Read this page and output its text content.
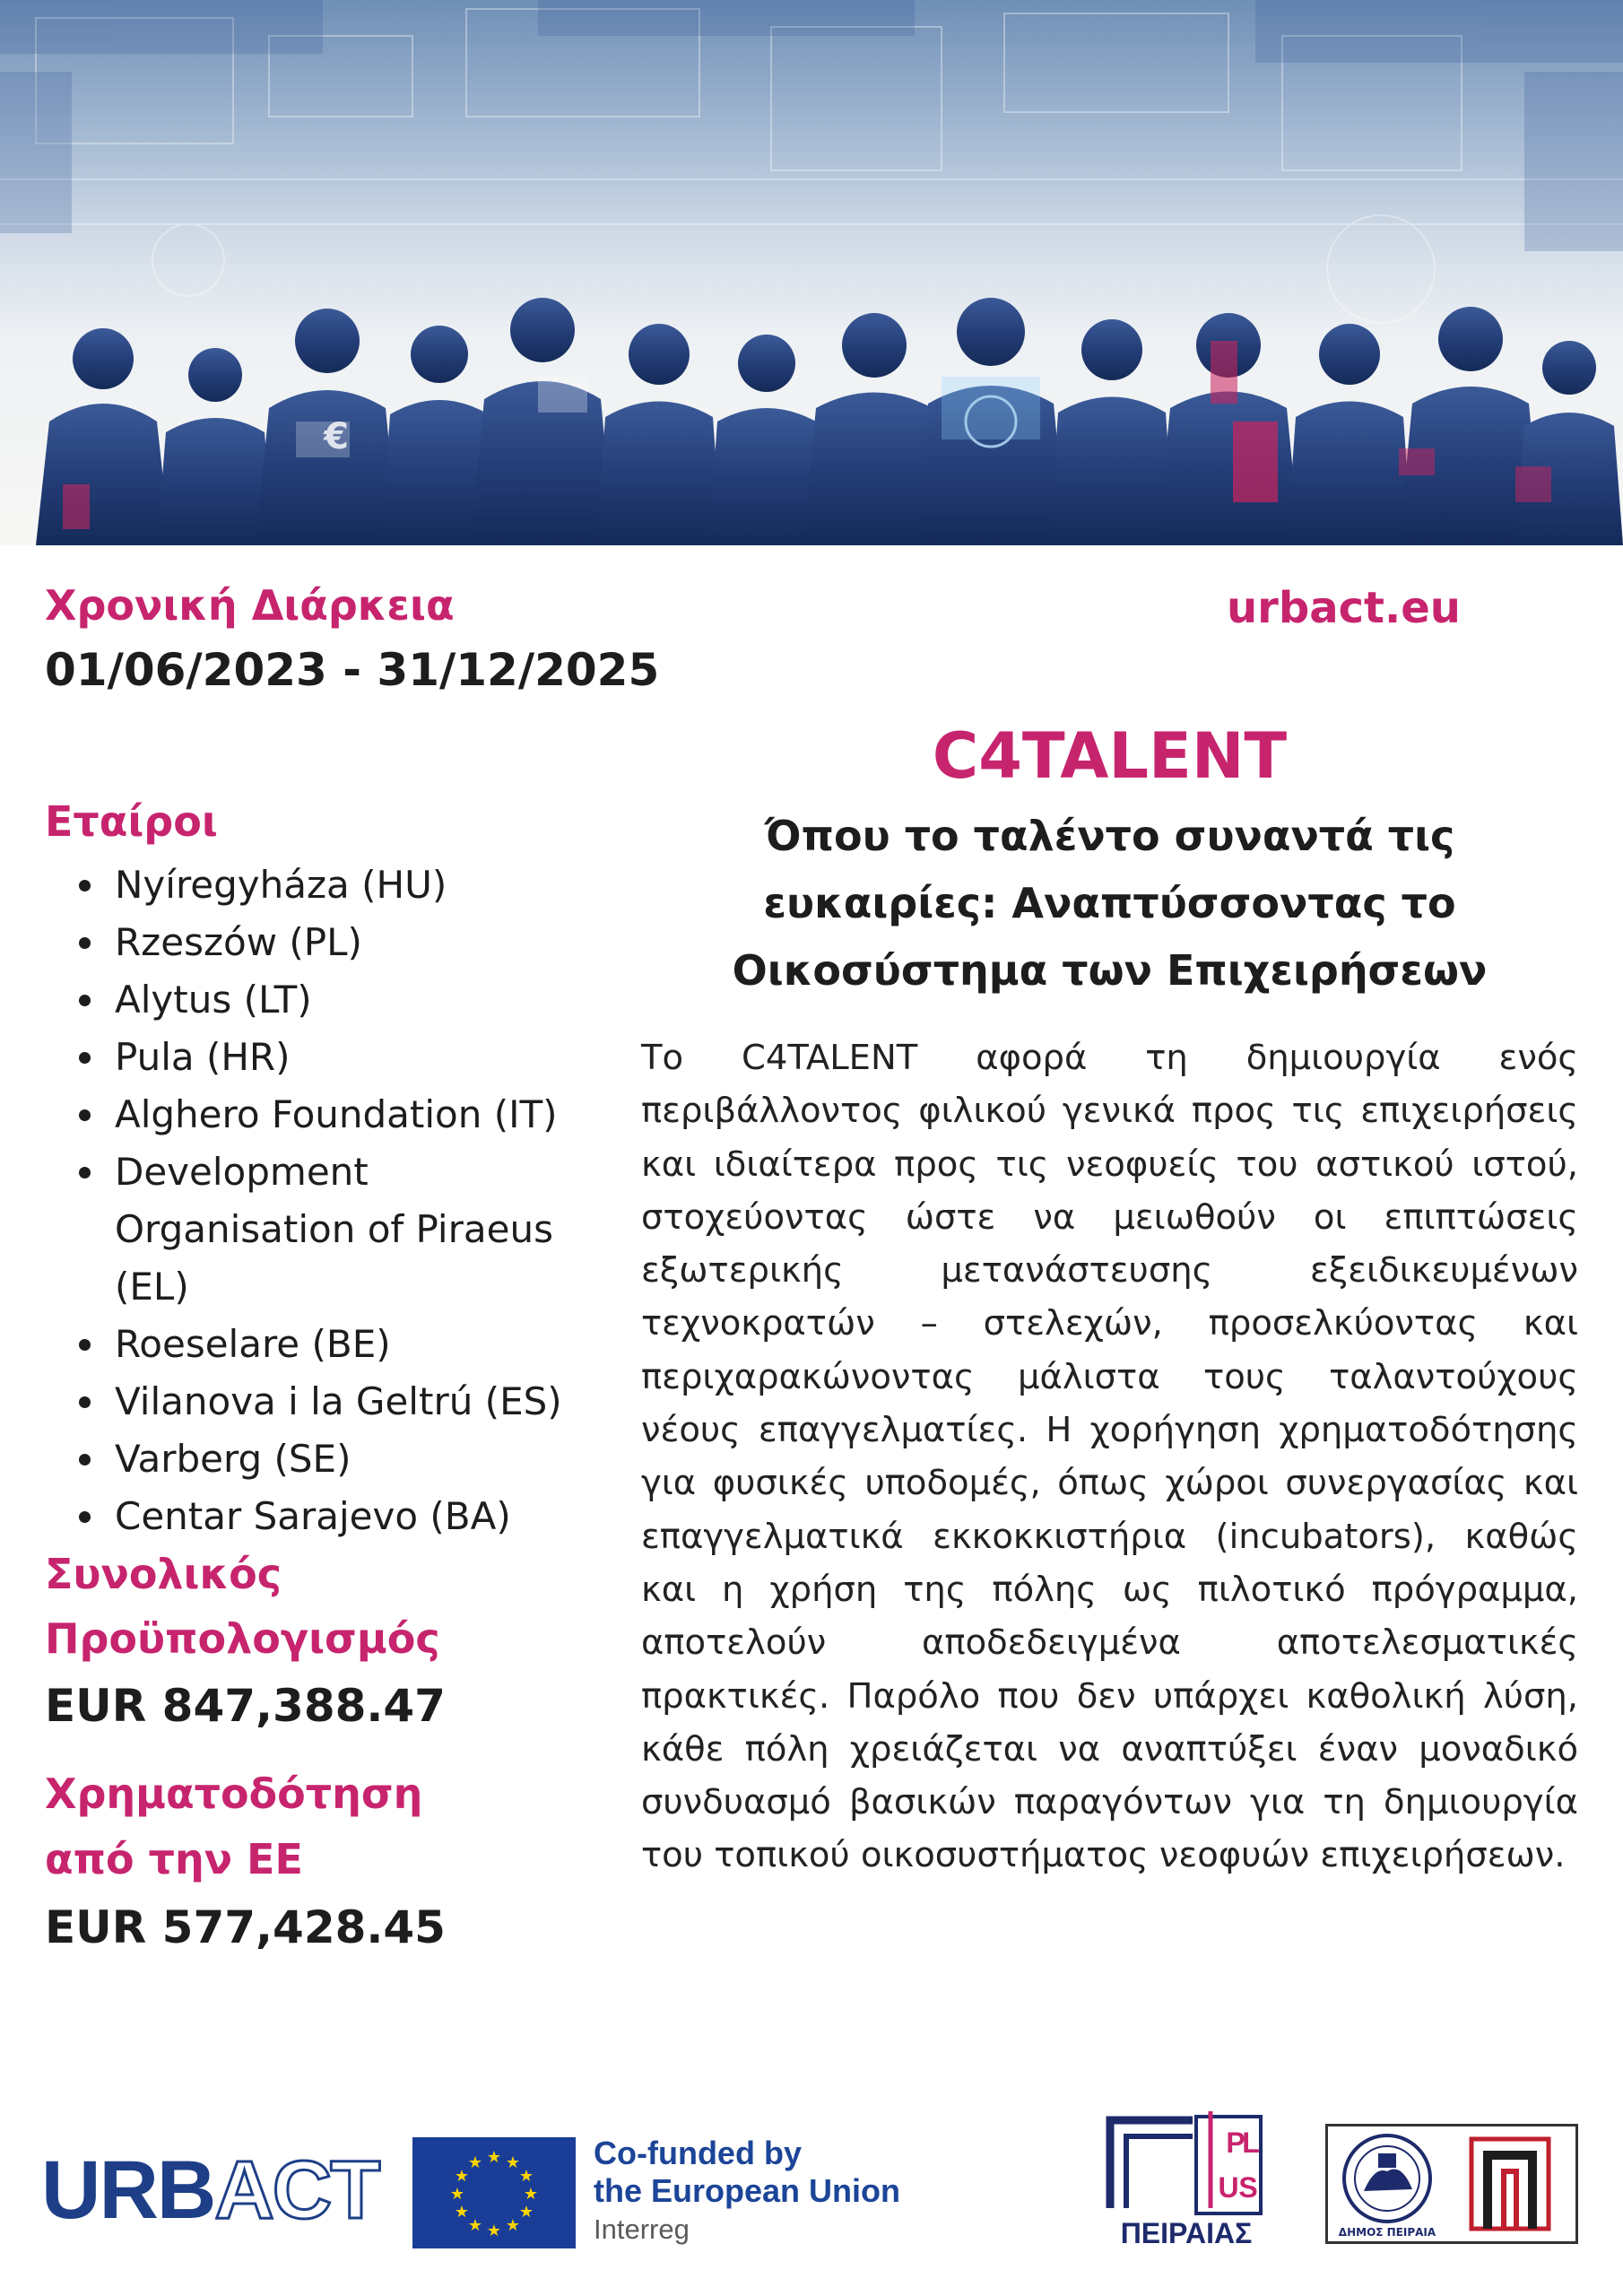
€
Χρονική Διάρκεια
01/06/2023 - 31/12/2025
Εταίροι
Nyíregyháza (HU)
Rzeszów (PL)
Alytus (LT)
Pula (HR)
Alghero Foundation (IT)
Development Organisation of Piraeus (EL)
Roeselare (BE)
Vilanova i la Geltrú (ES)
Varberg (SE)
Centar Sarajevo (BA)
Συνολικός
Προϋπολογισμός
EUR 847,388.47
Χρηματοδότηση
από την ΕΕ
EUR 577,428.45
urbact.eu
C4TALENT
Όπου το ταλέντο συναντά τις
ευκαιρίες: Αναπτύσσοντας το
Οικοσύστημα των Επιχειρήσεων

Το C4TALENT αφορά τη δημιουργία ενός περιβάλλοντος φιλικού γενικά προς τις επιχειρήσεις και ιδιαίτερα προς τις νεοφυείς του αστικού ιστού, στοχεύοντας ώστε να μειωθούν οι επιπτώσεις εξωτερικής μετανάστευσης εξειδικευμένων τεχνοκρατών – στελεχών, προσελκύοντας και περιχαρακώνοντας μάλιστα τους ταλαντούχους νέους επαγγελματίες. Η χορήγηση χρηματοδότησης για φυσικές υποδομές, όπως χώροι συνεργασίας και επαγγελματικά εκκοκκιστήρια (incubators), καθώς και η χρήση της πόλης ως πιλοτικό πρόγραμμα, αποτελούν αποδεδειγμένα αποτελεσματικές πρακτικές. Παρόλο που δεν υπάρχει καθολική λύση, κάθε πόλη χρειάζεται να αναπτύξει έναν μοναδικό συνδυασμό βασικών παραγόντων για τη δημιουργία του τοπικού οικοσυστήματος νεοφυών επιχειρήσεων.

URBACT	★ ★
★
★
★
★
★
★
★
★
★
★	Co-funded by
the European Union
Interreg
P
L
U S
ΠΕΙΡΑΙΑΣ	ΔΗΜΟΣ ΠΕΙΡΑΙΑ
